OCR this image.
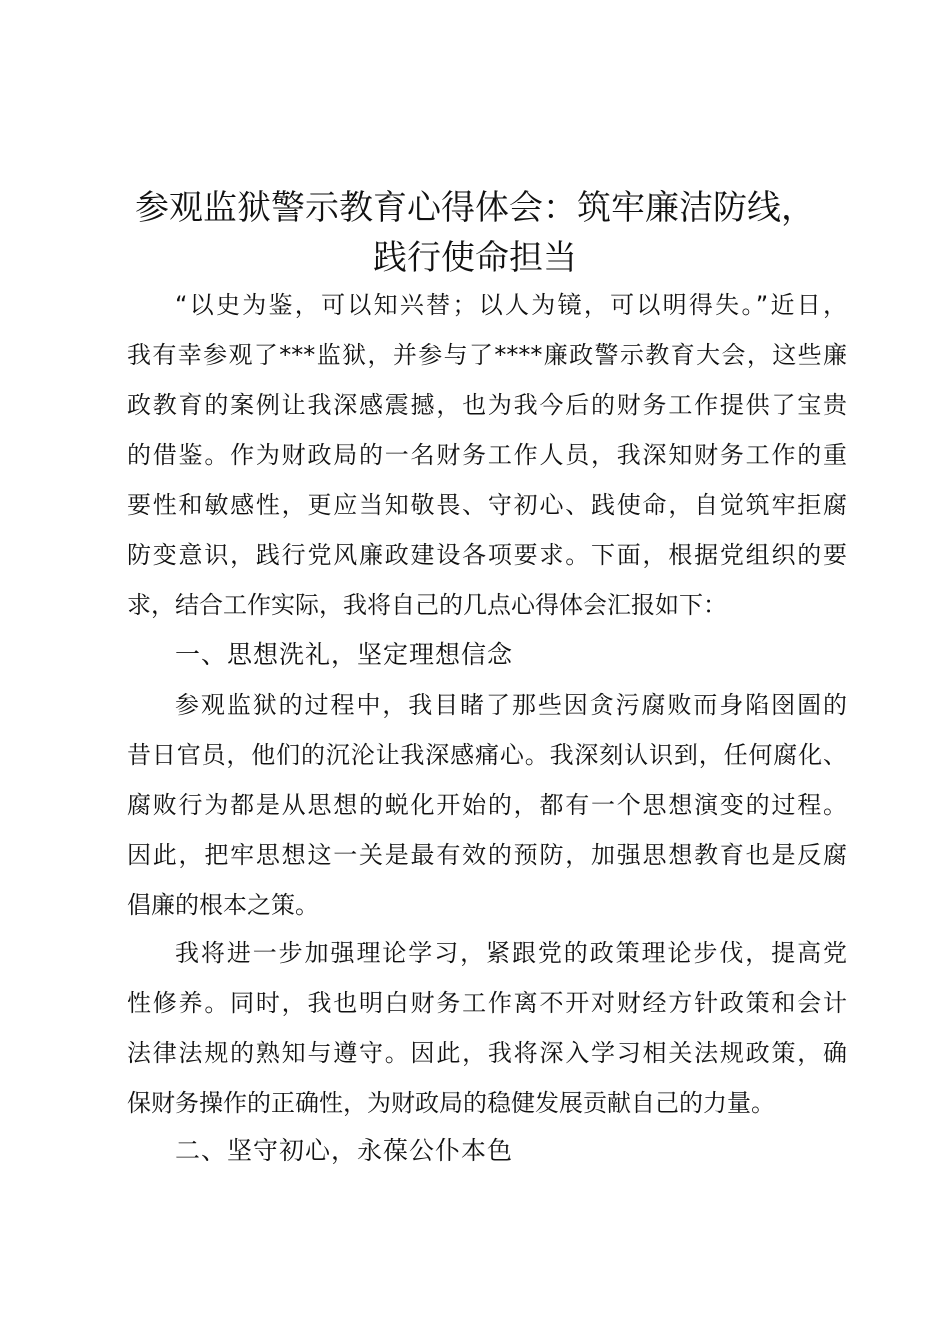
参观监狱警示教育心得体会：筑牢廉洁防线，
践行使命担当
“以史为鉴，可以知兴替；以人为镜，可以明得失。”近日，
我有幸参观了***监狱，并参与了****廉政警示教育大会，这些廉
政教育的案例让我深感震撼，也为我今后的财务工作提供了宝贵
的借鉴。作为财政局的一名财务工作人员，我深知财务工作的重
要性和敏感性，更应当知敬畏、守初心、践使命，自觉筑牢拒腐
防变意识，践行党风廉政建设各项要求。下面，根据党组织的要
求，结合工作实际，我将自己的几点心得体会汇报如下：
一、思想洗礼，坚定理想信念
参观监狱的过程中，我目睹了那些因贪污腐败而身陷囹圄的
昔日官员，他们的沉沦让我深感痛心。我深刻认识到，任何腐化、
腐败行为都是从思想的蜕化开始的，都有一个思想演变的过程。
因此，把牢思想这一关是最有效的预防，加强思想教育也是反腐
倡廉的根本之策。
我将进一步加强理论学习，紧跟党的政策理论步伐，提高党
性修养。同时，我也明白财务工作离不开对财经方针政策和会计
法律法规的熟知与遵守。因此，我将深入学习相关法规政策，确
保财务操作的正确性，为财政局的稳健发展贡献自己的力量。
二、坚守初心，永葆公仆本色
